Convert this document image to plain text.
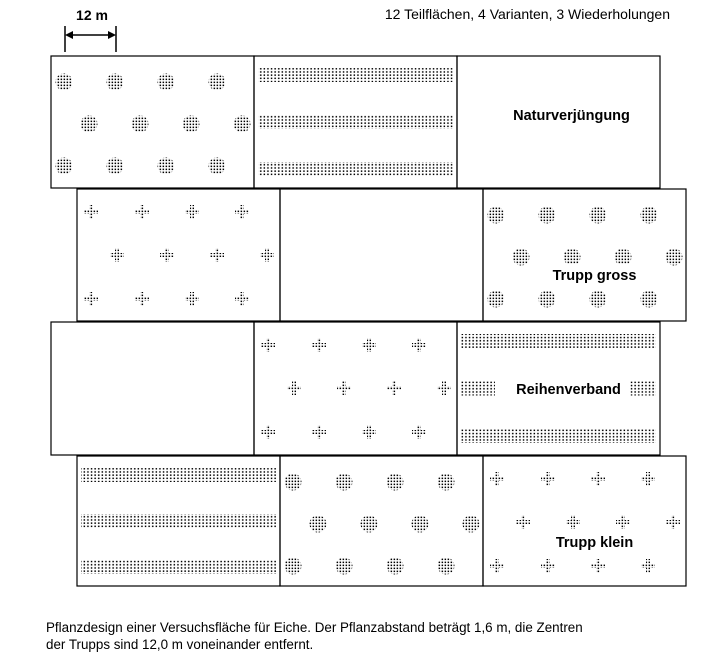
12 Teilflächen, 4 Varianten, 3 Wiederholungen
12 m
Naturverjüngung
Trupp gross
Reihenverband
Trupp klein

Pflanzdesign einer Versuchsfläche für Eiche. Der Pflanzabstand beträgt 1,6 m, die Zentren
der Trupps sind 12,0 m voneinander entfernt.
